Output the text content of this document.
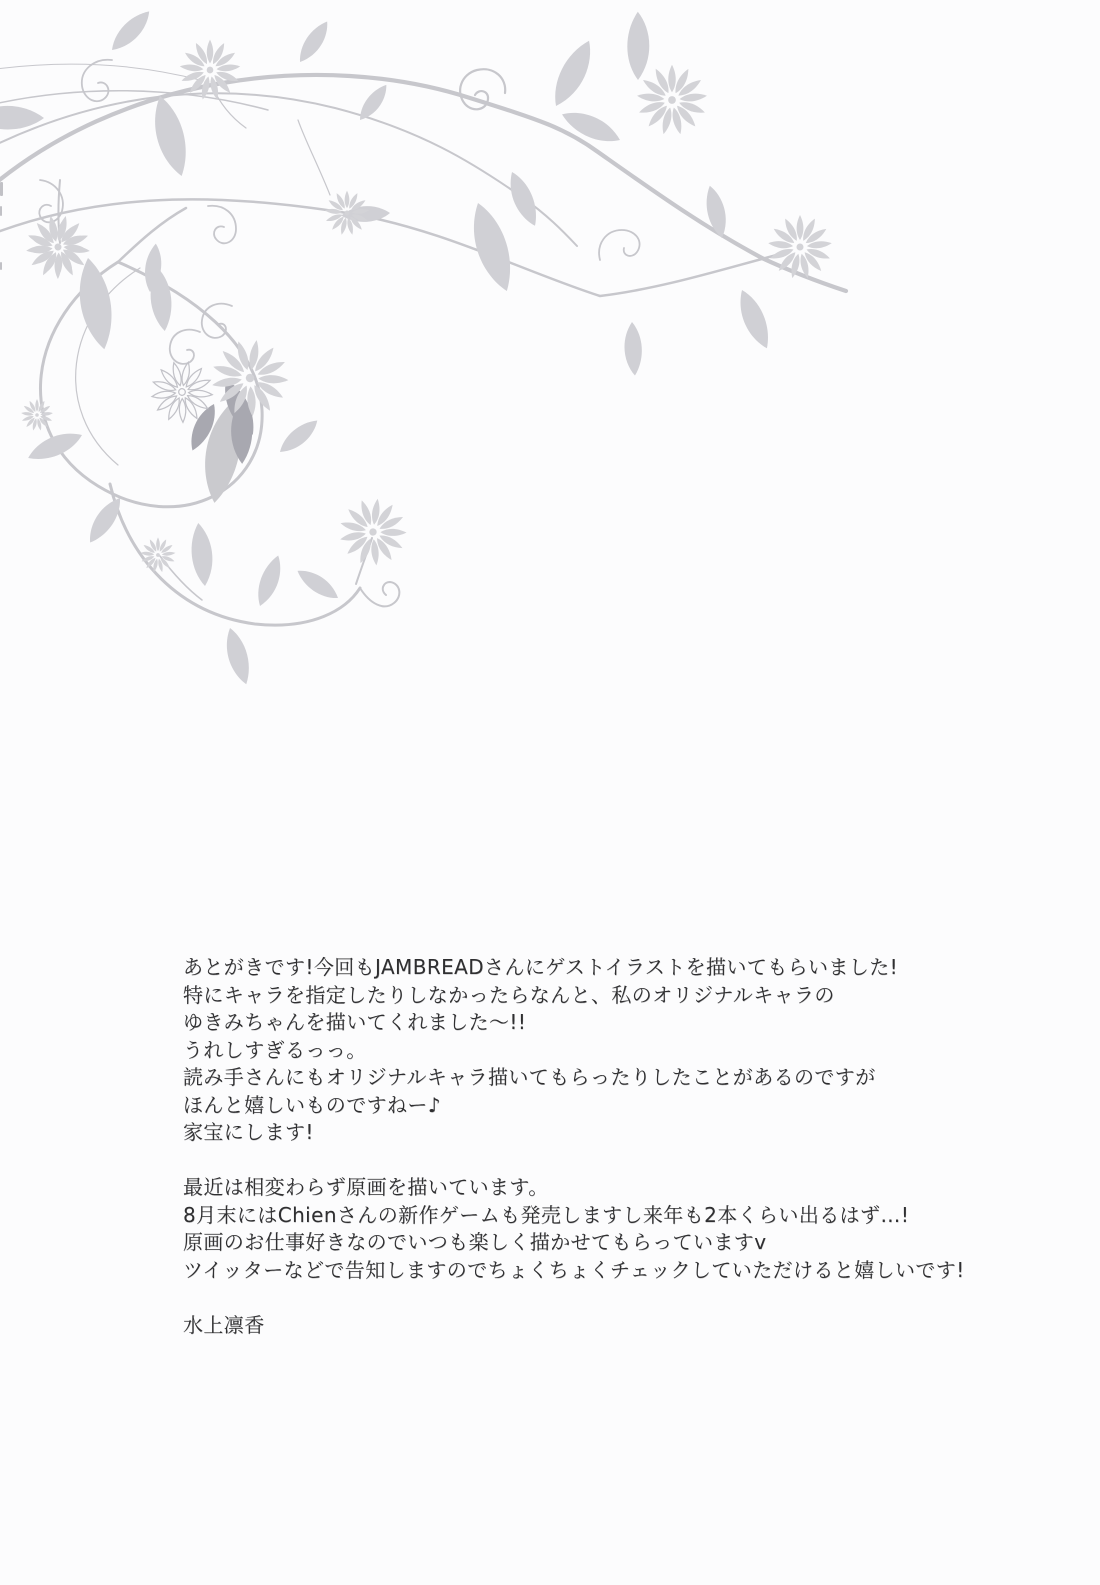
あとがきです!今回もJAMBREADさんにゲストイラストを描いてもらいました!
特にキャラを指定したりしなかったらなんと、私のオリジナルキャラの
ゆきみちゃんを描いてくれました〜!!
うれしすぎるっっ。
読み手さんにもオリジナルキャラ描いてもらったりしたことがあるのですが
ほんと嬉しいものですねー♪
家宝にします!
最近は相変わらず原画を描いています。
8月末にはChienさんの新作ゲームも発売しますし来年も2本くらい出るはず…!
原画のお仕事好きなのでいつも楽しく描かせてもらっていますv
ツイッターなどで告知しますのでちょくちょくチェックしていただけると嬉しいです!
水上凛香
